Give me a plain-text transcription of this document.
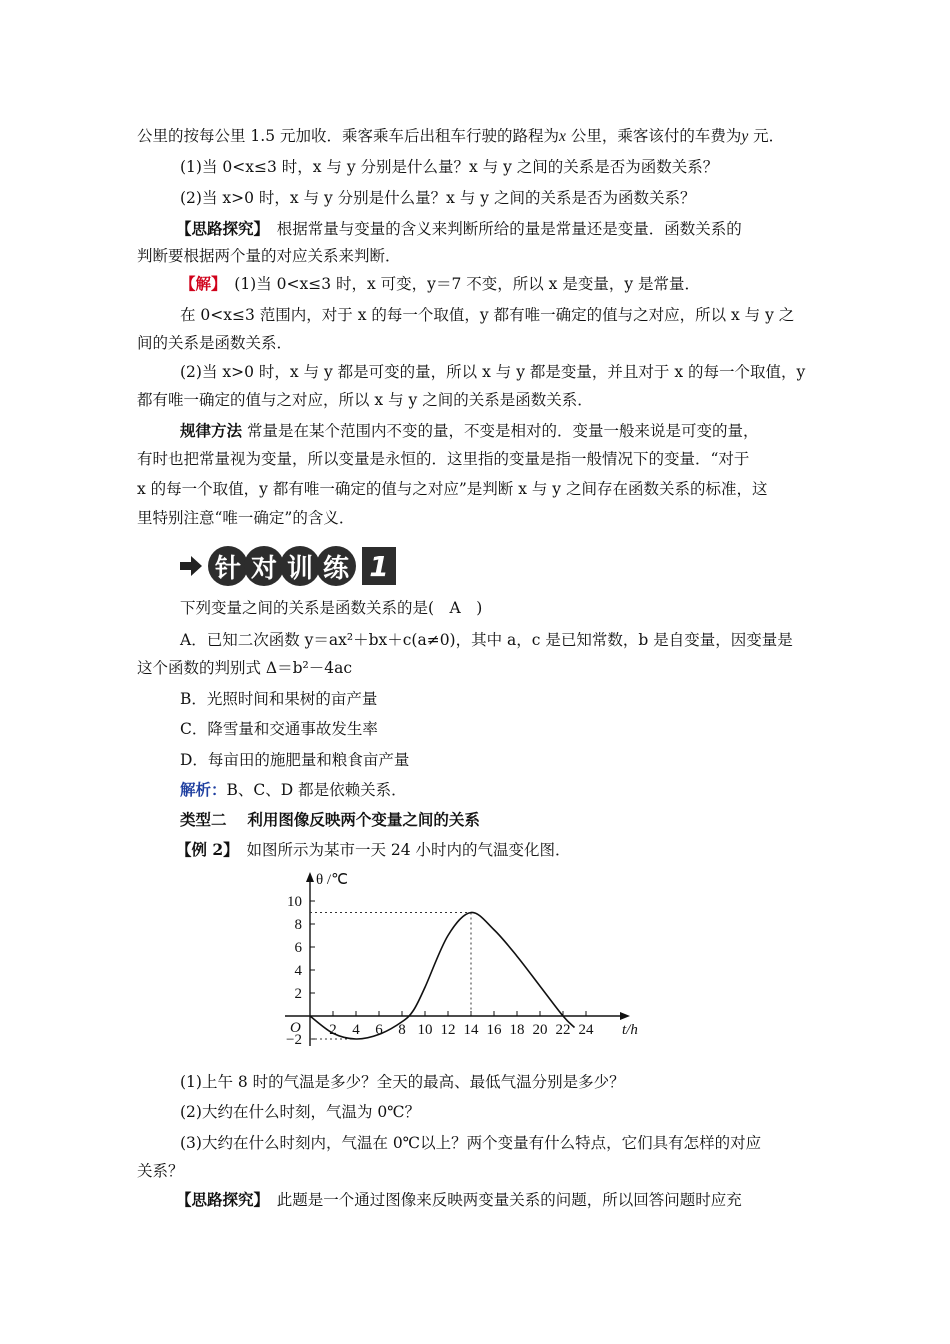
公里的按每公里 1.5 元加收．乘客乘车后出租车行驶的路程为x 公里，乘客该付的车费为y 元．
(1)当 0<x≤3 时，x 与 y 分别是什么量？x 与 y 之间的关系是否为函数关系？
(2)当 x>0 时，x 与 y 分别是什么量？x 与 y 之间的关系是否为函数关系？
【思路探究】　根据常量与变量的含义来判断所给的量是常量还是变量．函数关系的
判断要根据两个量的对应关系来判断．
【解】　(1)当 0<x≤3 时，x 可变，y＝7 不变，所以 x 是变量，y 是常量．
在 0<x≤3 范围内，对于 x 的每一个取值，y 都有唯一确定的值与之对应，所以 x 与 y 之
间的关系是函数关系．
(2)当 x>0 时，x 与 y 都是可变的量，所以 x 与 y 都是变量，并且对于 x 的每一个取值，y
都有唯一确定的值与之对应，所以 x 与 y 之间的关系是函数关系．
规律方法 常量是在某个范围内不变的量，不变是相对的．变量一般来说是可变的量，
有时也把常量视为变量，所以变量是永恒的．这里指的变量是指一般情况下的变量．“对于
x 的每一个取值，y 都有唯一确定的值与之对应”是判断 x 与 y 之间存在函数关系的标准，这
里特别注意“唯一确定”的含义．
针 对 训 练 1
下列变量之间的关系是函数关系的是(　A　)
A．已知二次函数 y＝ax²＋bx＋c(a≠0)，其中 a，c 是已知常数，b 是自变量，因变量是
这个函数的判别式 Δ＝b²－4ac
B．光照时间和果树的亩产量
C．降雪量和交通事故发生率
D．每亩田的施肥量和粮食亩产量
解析：B、C、D 都是依赖关系．
类型二　 利用图像反映两个变量之间的关系
【例 2】　如图所示为某市一天 24 小时内的气温变化图．
2 4 6 8 10 12 14 16 18 20 22 24
−2
2
4
6
8
10
θ /℃
t/h
O
(1)上午 8 时的气温是多少？全天的最高、最低气温分别是多少？
(2)大约在什么时刻，气温为 0℃？
(3)大约在什么时刻内，气温在 0℃以上？两个变量有什么特点，它们具有怎样的对应
关系？
【思路探究】　此题是一个通过图像来反映两变量关系的问题，所以回答问题时应充
